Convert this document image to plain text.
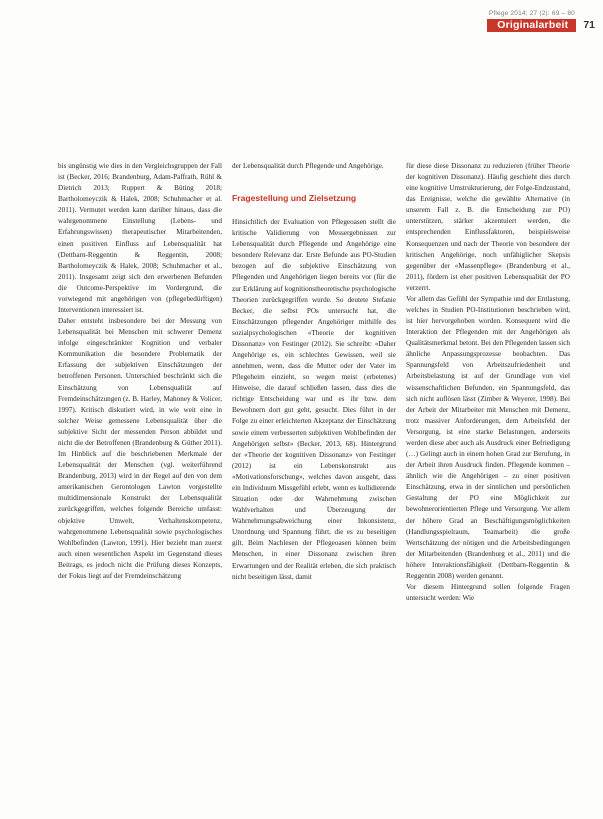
Pflege 2014; 27 (2): 69 – 80
Originalarbeit	71

bis ungünstig wie dies in den Vergleichsgruppen der Fall ist (Becker, 2016; Brandenburg, Adam-Paffrath, Rühl & Dietrich 2013; Ruppert & Büting 2018; Bartholomeyczik & Halek, 2008; Schuhmacher et al. 2011). Vermutet werden kann darüber hinaus, dass die wahrgenommene Einstellung (Lebens- und Erfahrungswissen) therapeutischer Mitarbeitenden, einen positiven Einfluss auf Lebensqualität hat (Dettbarn-Reggentin & Reggentin, 2008; Bartholomeyczik & Halek, 2008; Schuhmacher et al., 2011). Insgesamt zeigt sich den erwerbenen Befunden die Outcome-Perspektive im Vordergrund, die vorwiegend mit angehörigen von (pflegebedürftigen) Interventionen interessiert ist.

Daher entsteht insbesondere bei der Messung von Lebensqualität bei Menschen mit schwerer Demenz infolge eingeschränkter Kognition und verbaler Kommunikation die besondere Problematik der Erfassung der subjektiven Einschätzungen der betroffenen Personen. Unterschied beschränkt sich die Einschätzung von Lebensqualität auf Fremdeinschätzungen (z. B. Harley, Mahoney & Volicer, 1997). Kritisch diskutiert wird, in wie weit eine in solcher Weise gemessene Lebensqualität über die subjektive Sicht der messenden Person abbildet und nicht die der Betroffenen (Brandenburg & Güther 2011). Im Hinblick auf die beschriebenen Merkmale der Lebensqualität der Menschen (vgl. weiterführend Brandenburg, 2013) wird in der Regel auf den von dem amerikanischen Gerontologen Lawton vorgestellte multidimensionale Konstrukt der Lebensqualität zurückgegriffen, welches folgende Bereiche umfasst: objektive Umwelt, Verhaltenskompetenz, wahrgenommene Lebensqualität sowie psychologisches Wohlbefinden (Lawton, 1991). Hier bezieht man zuerst auch einen wesentlichen Aspekt im Gegenstand dieses Beitrags, es jedoch nicht die Prüfung dieses Konzepts, der Fokus liegt auf der Fremdeinschätzung

der Lebensqualität durch Pflegende und Angehörige.

Fragestellung und Zielsetzung

Hinsichtlich der Evaluation von Pflegeoasen stellt die kritische Validierung von Messergebnissen zur Lebensqualität durch Pflegende und Angehörige eine besondere Relevanz dar. Erste Befunde aus PO-Studien bezogen auf die subjektive Einschätzung von Pflegenden und Angehörigen liegen bereits vor (für die zur Erklärung auf kognitionstheoretische psychologische Theorien zurückgegriffen wurde. So deutete Stefanie Becker, die selbst POs untersucht hat, die Einschätzungen pflegender Angehöriger mithilfe des sozialpsychologischen «Theorie der kognitiven Dissonanz» von Festinger (2012). Sie schreibt: «Daher Angehörige es, ein schlechtes Gewissen, weil sie annehmen, wenn, dass die Mutter oder der Vater im Pflegeheim einzieht, so wegen meist (erbetenes) Hinweise, die darauf schließen lassen, dass dies die richtige Entscheidung war und es ihr bzw. dem Bewohnern dort gut geht, gesucht. Dies führt in der Folge zu einer erleichterten Akzeptanz der Einschätzung sowie einem verbesserten subjektiven Wohlbefinden der Angehörigen selbst» (Becker, 2013, 68). Hintergrund der «Theorie der kognitiven Dissonanz» von Festinger (2012) ist ein Lebenskonstrukt aus «Motivationsforschung», welches davon ausgeht, dass ein Individuum Missgefühl erlebt, wenn es kollidierende Situation oder der Wahrnehmung zwischen Wahlverhalten und Überzeugung der Wahrnehmungsabweichung einer Inkonsistenz, Unordnung und Spannung führt, die es zu beseitigen gilt. Beim Nachlesen der Pflegeoasen können beim Menschen, in einer Dissonanz zwischen ihren Erwartungen und der Realität erleben, die sich praktisch nicht beseitigen lässt, damit

für diese diese Dissonanz zu reduzieren (früher Theorie der kognitiven Dissonanz). Häufig geschieht dies durch eine kognitive Umstrukturierung, der Folge-Endzustand, das Ereignisse, welche die gewählte Alternative (in unserem Fall z. B. die Entscheidung zur PO) unterstützen, stärker akzentuiert werden, die entsprechenden Einflussfaktoren, beispielsweise Konsequenzen und nach der Theorie von besondere der kritischen Angehörige, noch unfähiglicher Skepsis gegenüber der «Massenpflege» (Brandenburg et al., 2011), fördern ist eher positiven Lebensqualität der PO verzerrt.

Vor allem das Gefühl der Sympathie und der Entlastung, welches in Studien PO-Institutionen beschrieben wird, ist hier hervorgehoben worden. Konsequent wird die Interaktion der Pflegenden mit der Angehörigen als Qualitätsmerkmal betont. Bei den Pflegenden lassen sich ähnliche Anpassungsprozesse beobachten. Das Spannungsfeld von Arbeitszufriedenheit und Arbeitsbelastung ist auf der Grundlage von viel wissenschaftlichen Befunden, ein Spannungsfeld, das sich nicht auflösen lässt (Zimber & Weyerer, 1998). Bei der Arbeit der Mitarbeiter mit Menschen mit Demenz, trotz massiver Anforderungen, dem Arbeitsfeld der Versorgung, ist eine starke Belastungen, anderseits werden diese aber auch als Ausdruck einer Befriedigung (…) Gelingt auch in einem hohen Grad zur Berufung, in der Arbeit ihren Ausdruck finden. Pflegende kommen – ähnlich wie die Angehörigen – zu einer positiven Einschätzung, etwa in der sinnlichen und persönlichen Gestaltung der PO eine Möglichkeit zur bewohnerorientierten Pflege und Versorgung. Vor allem der höhere Grad an Beschäftigungsmöglichkeiten (Handlungsspielraum, Teamarbeit) die große Wertschätzung der nötigen und die Arbeitsbedingungen der Mitarbeitenden (Brandenburg et al., 2011) und die höhere Interaktionsfähigkeit (Dettbarn-Reggentin & Reggentin 2008) werden genannt.

Vor diesem Hintergrund sollen folgende Fragen untersucht werden: Wie
